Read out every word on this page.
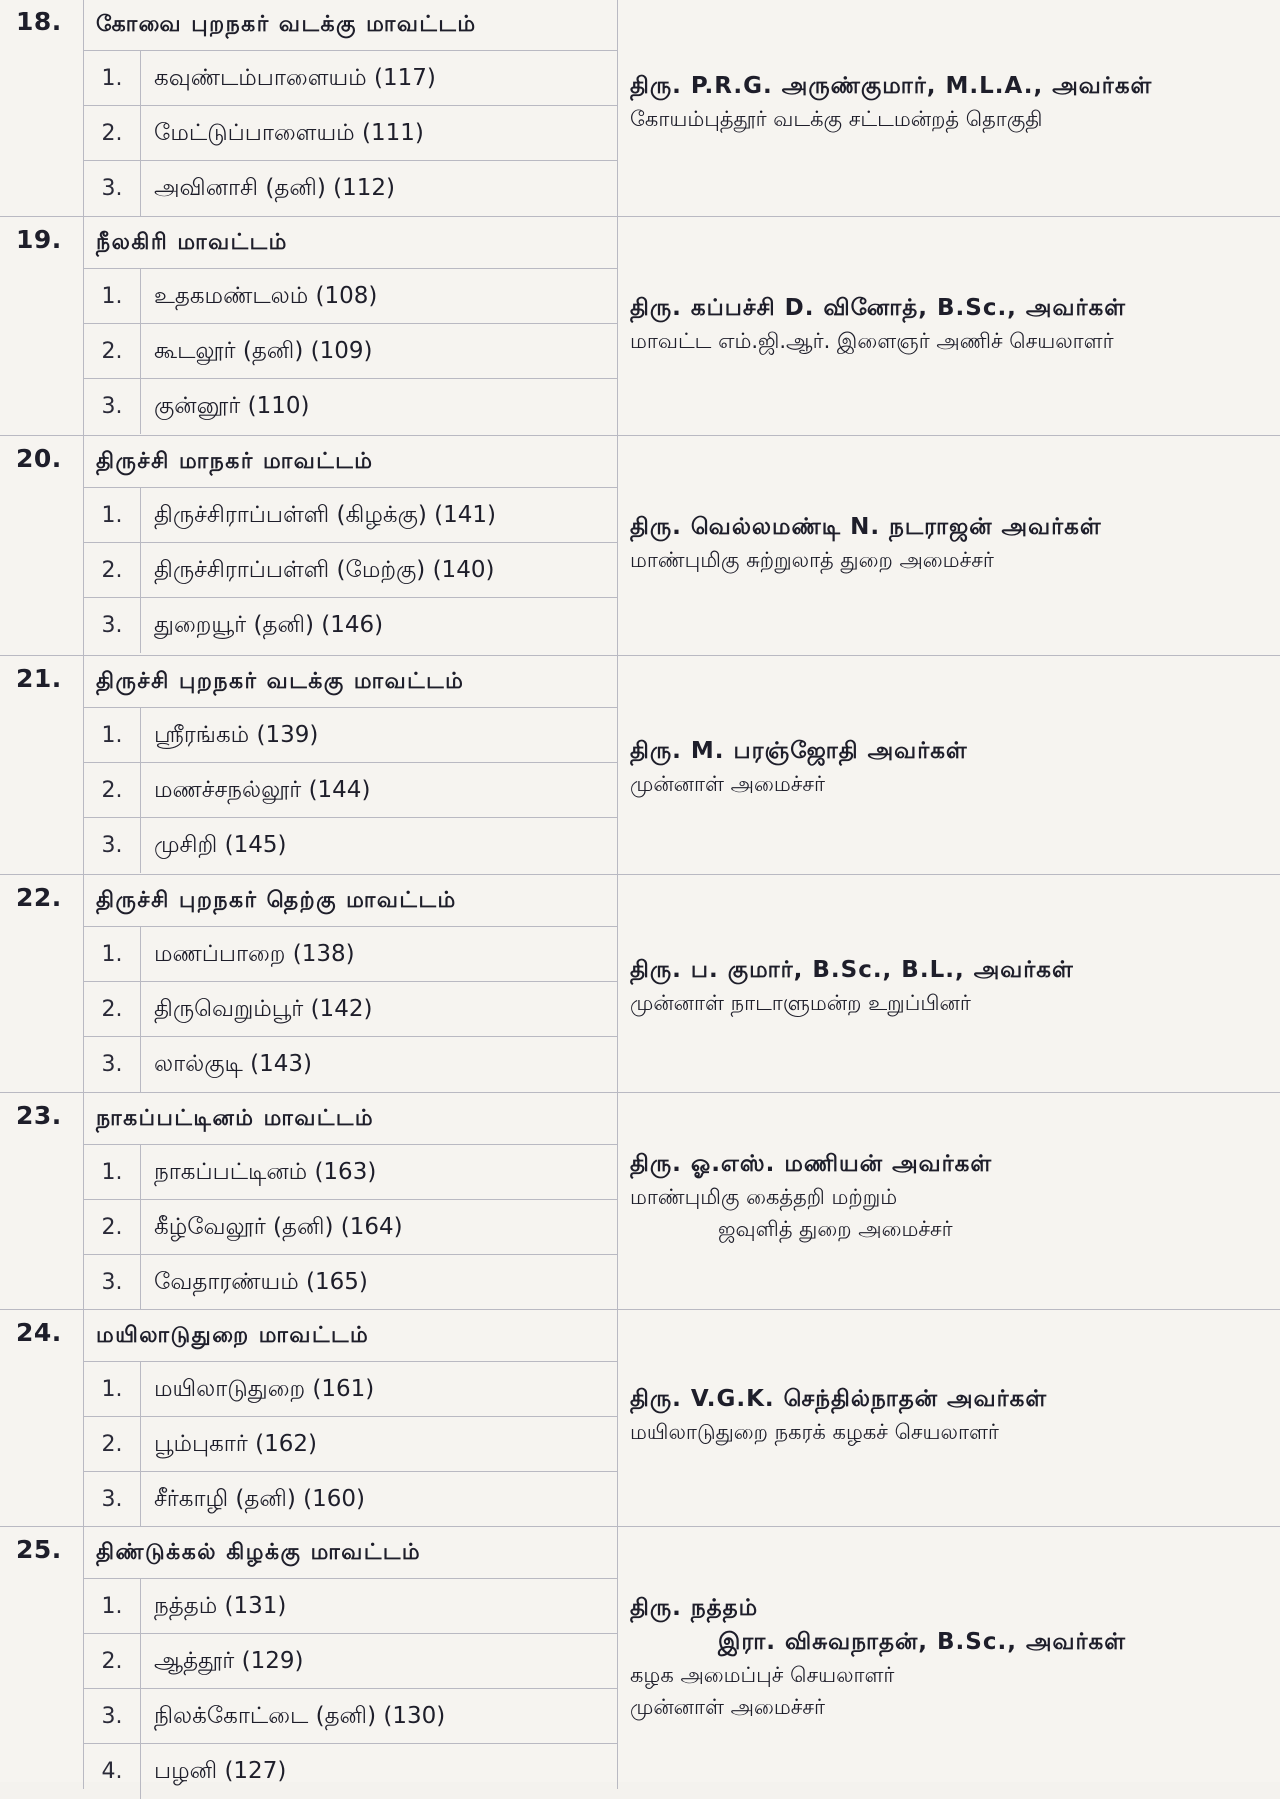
18.	கோவை புறநகர் வடக்கு மாவட்டம்
1.	கவுண்டம்பாளையம் (117)
2.	மேட்டுப்பாளையம் (111)
3.	அவினாசி (தனி) (112)
திரு. P.R.G. அருண்குமார், M.L.A., அவர்கள்
கோயம்புத்தூர் வடக்கு சட்டமன்றத் தொகுதி
19.	நீலகிரி மாவட்டம்
1.	உதகமண்டலம் (108)
2.	கூடலூர் (தனி) (109)
3.	குன்னூர் (110)
திரு. கப்பச்சி D. வினோத், B.Sc., அவர்கள்
மாவட்ட எம்.ஜி.ஆர். இளைஞர் அணிச் செயலாளர்
20.	திருச்சி மாநகர் மாவட்டம்
1.	திருச்சிராப்பள்ளி (கிழக்கு) (141)
2.	திருச்சிராப்பள்ளி (மேற்கு) (140)
3.	துறையூர் (தனி) (146)
திரு. வெல்லமண்டி N. நடராஜன் அவர்கள்
மாண்புமிகு சுற்றுலாத் துறை அமைச்சர்
21.	திருச்சி புறநகர் வடக்கு மாவட்டம்
1.	ஸ்ரீரங்கம் (139)
2.	மணச்சநல்லூர் (144)
3.	முசிறி (145)
திரு. M. பரஞ்ஜோதி அவர்கள்
முன்னாள் அமைச்சர்
22.	திருச்சி புறநகர் தெற்கு மாவட்டம்
1.	மணப்பாறை (138)
2.	திருவெறும்பூர் (142)
3.	லால்குடி (143)
திரு. ப. குமார், B.Sc., B.L., அவர்கள்
முன்னாள் நாடாளுமன்ற உறுப்பினர்
23.	நாகப்பட்டினம் மாவட்டம்
1.	நாகப்பட்டினம் (163)
2.	கீழ்வேலூர் (தனி) (164)
3.	வேதாரண்யம் (165)
திரு. ஓ.எஸ். மணியன் அவர்கள்
மாண்புமிகு கைத்தறி மற்றும்
ஜவுளித் துறை அமைச்சர்
24.	மயிலாடுதுறை மாவட்டம்
1.	மயிலாடுதுறை (161)
2.	பூம்புகார் (162)
3.	சீர்காழி (தனி) (160)
திரு. V.G.K. செந்தில்நாதன் அவர்கள்
மயிலாடுதுறை நகரக் கழகச் செயலாளர்
25.	திண்டுக்கல் கிழக்கு மாவட்டம்
1.	நத்தம் (131)
2.	ஆத்தூர் (129)
3.	நிலக்கோட்டை (தனி) (130)
4.	பழனி (127)
திரு. நத்தம்
இரா. விசுவநாதன், B.Sc., அவர்கள்
கழக அமைப்புச் செயலாளர்
முன்னாள் அமைச்சர்
